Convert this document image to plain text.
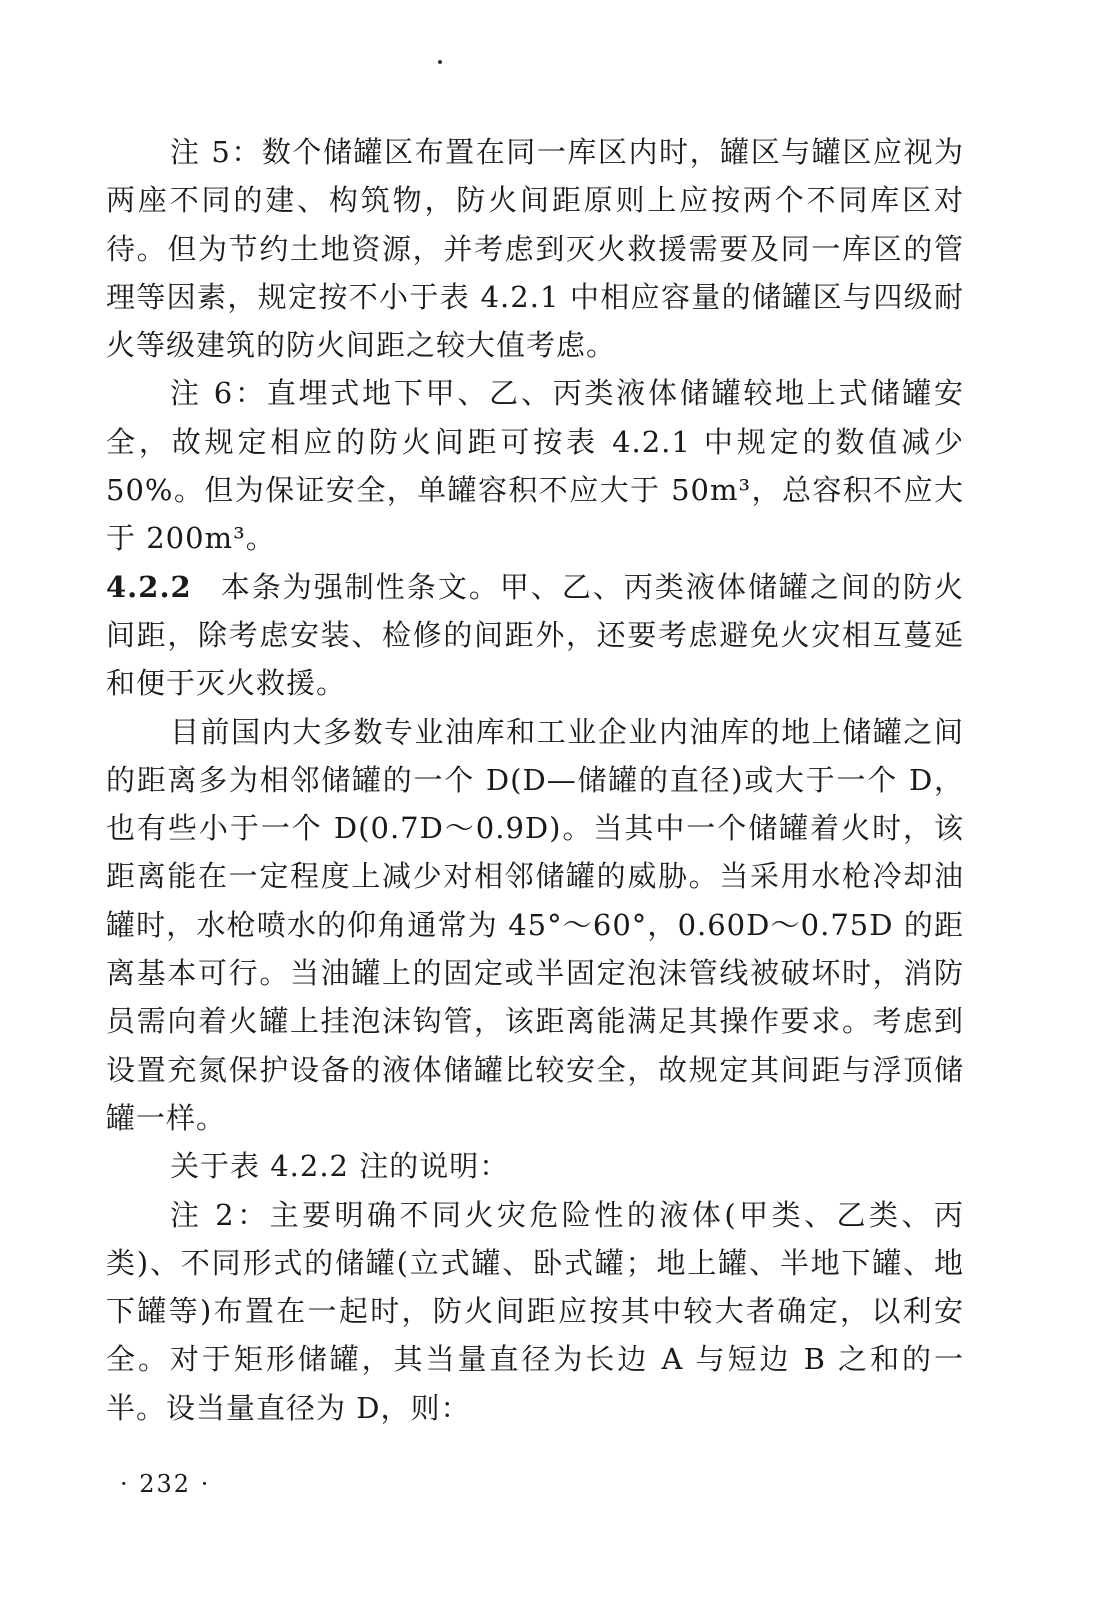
注 5：数个储罐区布置在同一库区内时，罐区与罐区应视为两座不同的建、构筑物，防火间距原则上应按两个不同库区对待。但为节约土地资源，并考虑到灭火救援需要及同一库区的管理等因素，规定按不小于表 4.2.1 中相应容量的储罐区与四级耐火等级建筑的防火间距之较大值考虑。

注 6：直埋式地下甲、乙、丙类液体储罐较地上式储罐安全，故规定相应的防火间距可按表 4.2.1 中规定的数值减少50%。但为保证安全，单罐容积不应大于 50m³，总容积不应大于 200m³。

4.2.2 本条为强制性条文。甲、乙、丙类液体储罐之间的防火间距，除考虑安装、检修的间距外，还要考虑避免火灾相互蔓延和便于灭火救援。

目前国内大多数专业油库和工业企业内油库的地上储罐之间的距离多为相邻储罐的一个 D(D—储罐的直径)或大于一个 D，也有些小于一个 D(0.7D～0.9D)。当其中一个储罐着火时，该距离能在一定程度上减少对相邻储罐的威胁。当采用水枪冷却油罐时，水枪喷水的仰角通常为 45°～60°，0.60D～0.75D 的距离基本可行。当油罐上的固定或半固定泡沫管线被破坏时，消防员需向着火罐上挂泡沫钩管，该距离能满足其操作要求。考虑到设置充氮保护设备的液体储罐比较安全，故规定其间距与浮顶储罐一样。

关于表 4.2.2 注的说明：

注 2：主要明确不同火灾危险性的液体(甲类、乙类、丙类)、不同形式的储罐(立式罐、卧式罐；地上罐、半地下罐、地下罐等)布置在一起时，防火间距应按其中较大者确定，以利安全。对于矩形储罐，其当量直径为长边 A 与短边 B 之和的一半。设当量直径为 D，则：

· 232 ·
